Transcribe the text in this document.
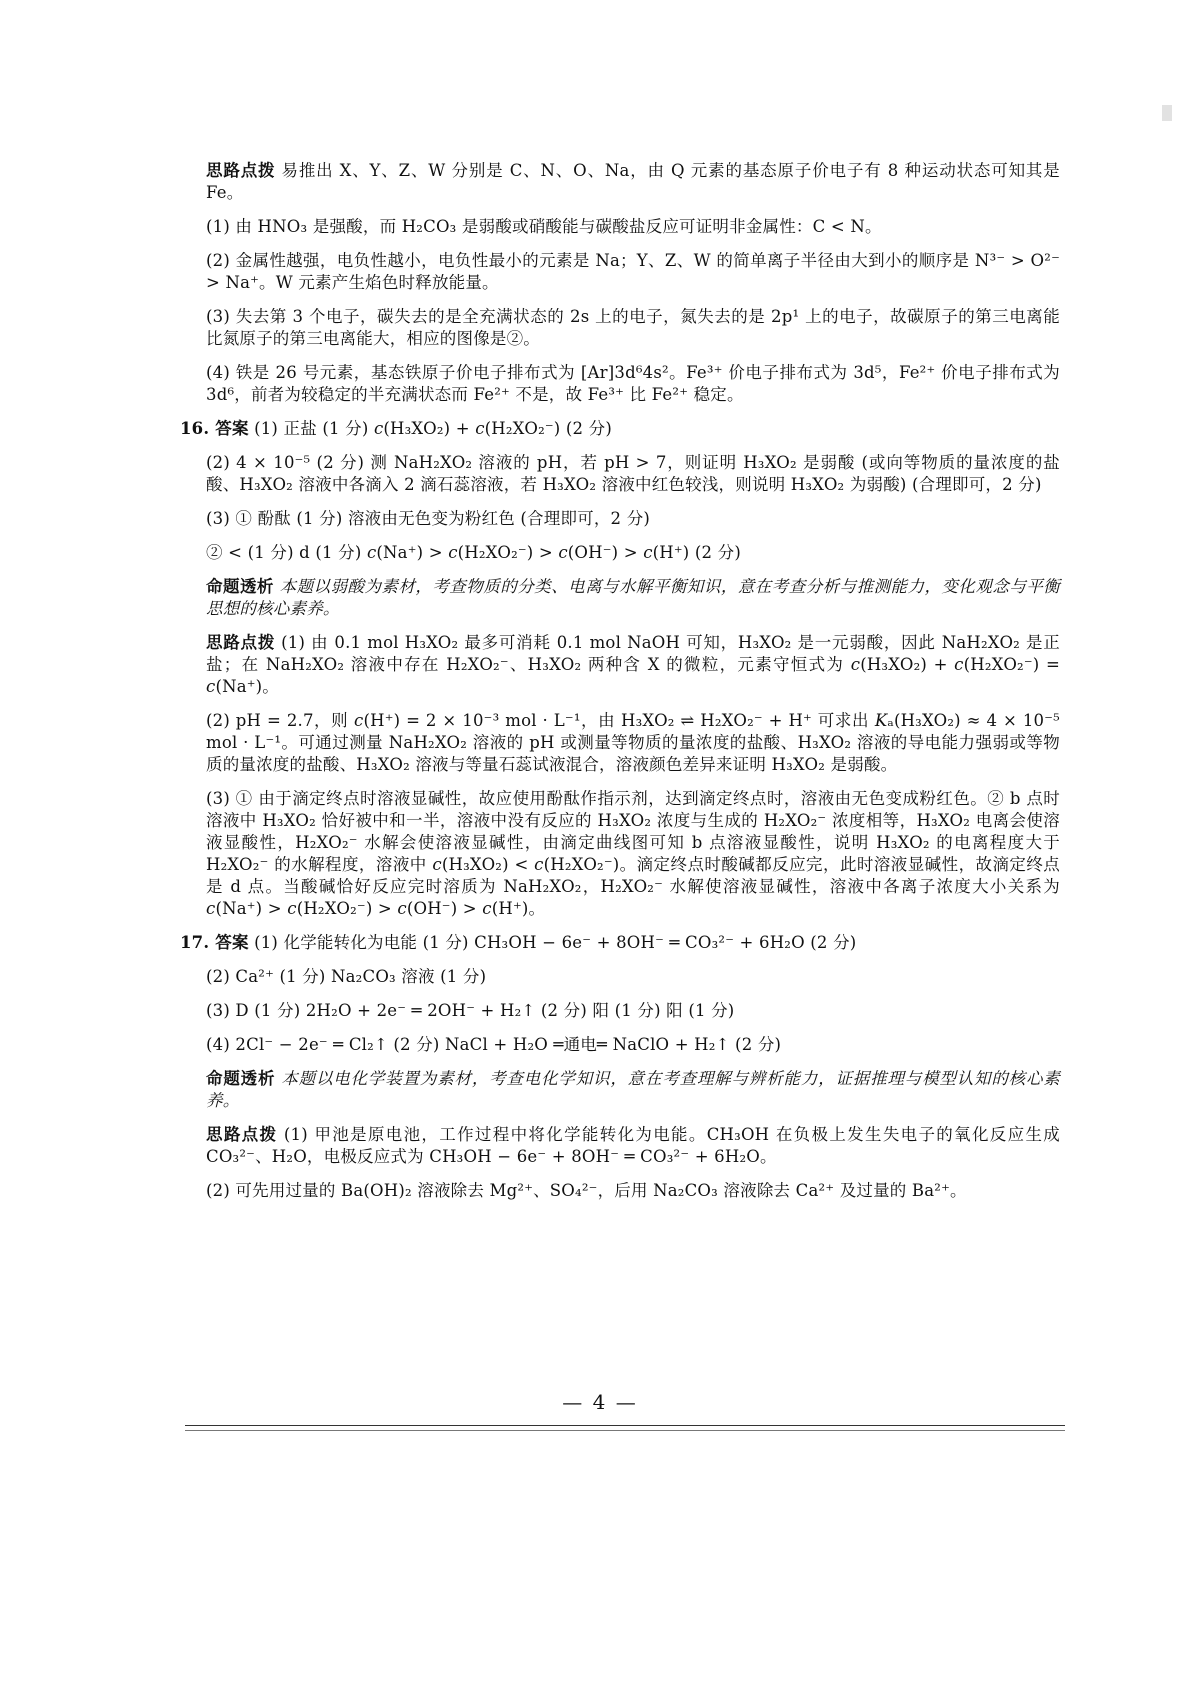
思路点拨 易推出 X、Y、Z、W 分别是 C、N、O、Na，由 Q 元素的基态原子价电子有 8 种运动状态可知其是 Fe。

(1) 由 HNO₃ 是强酸，而 H₂CO₃ 是弱酸或硝酸能与碳酸盐反应可证明非金属性：C < N。

(2) 金属性越强，电负性越小，电负性最小的元素是 Na；Y、Z、W 的简单离子半径由大到小的顺序是 N³⁻ > O²⁻ > Na⁺。W 元素产生焰色时释放能量。

(3) 失去第 3 个电子，碳失去的是全充满状态的 2s 上的电子，氮失去的是 2p¹ 上的电子，故碳原子的第三电离能比氮原子的第三电离能大，相应的图像是②。

(4) 铁是 26 号元素，基态铁原子价电子排布式为 [Ar]3d⁶4s²。Fe³⁺ 价电子排布式为 3d⁵，Fe²⁺ 价电子排布式为 3d⁶，前者为较稳定的半充满状态而 Fe²⁺ 不是，故 Fe³⁺ 比 Fe²⁺ 稳定。

16. 答案 (1) 正盐 (1 分) c(H₃XO₂) + c(H₂XO₂⁻) (2 分)

(2) 4 × 10⁻⁵ (2 分) 测 NaH₂XO₂ 溶液的 pH，若 pH > 7，则证明 H₃XO₂ 是弱酸 (或向等物质的量浓度的盐酸、H₃XO₂ 溶液中各滴入 2 滴石蕊溶液，若 H₃XO₂ 溶液中红色较浅，则说明 H₃XO₂ 为弱酸) (合理即可，2 分)

(3) ① 酚酞 (1 分) 溶液由无色变为粉红色 (合理即可，2 分)

② < (1 分) d (1 分) c(Na⁺) > c(H₂XO₂⁻) > c(OH⁻) > c(H⁺) (2 分)

命题透析 本题以弱酸为素材，考查物质的分类、电离与水解平衡知识，意在考查分析与推测能力，变化观念与平衡思想的核心素养。

思路点拨 (1) 由 0.1 mol H₃XO₂ 最多可消耗 0.1 mol NaOH 可知，H₃XO₂ 是一元弱酸，因此 NaH₂XO₂ 是正盐；在 NaH₂XO₂ 溶液中存在 H₂XO₂⁻、H₃XO₂ 两种含 X 的微粒，元素守恒式为 c(H₃XO₂) + c(H₂XO₂⁻) = c(Na⁺)。

(2) pH = 2.7，则 c(H⁺) = 2 × 10⁻³ mol · L⁻¹，由 H₃XO₂ ⇌ H₂XO₂⁻ + H⁺ 可求出 Kₐ(H₃XO₂) ≈ 4 × 10⁻⁵ mol · L⁻¹。可通过测量 NaH₂XO₂ 溶液的 pH 或测量等物质的量浓度的盐酸、H₃XO₂ 溶液的导电能力强弱或等物质的量浓度的盐酸、H₃XO₂ 溶液与等量石蕊试液混合，溶液颜色差异来证明 H₃XO₂ 是弱酸。

(3) ① 由于滴定终点时溶液显碱性，故应使用酚酞作指示剂，达到滴定终点时，溶液由无色变成粉红色。② b 点时溶液中 H₃XO₂ 恰好被中和一半，溶液中没有反应的 H₃XO₂ 浓度与生成的 H₂XO₂⁻ 浓度相等，H₃XO₂ 电离会使溶液显酸性，H₂XO₂⁻ 水解会使溶液显碱性，由滴定曲线图可知 b 点溶液显酸性，说明 H₃XO₂ 的电离程度大于 H₂XO₂⁻ 的水解程度，溶液中 c(H₃XO₂) < c(H₂XO₂⁻)。滴定终点时酸碱都反应完，此时溶液显碱性，故滴定终点是 d 点。当酸碱恰好反应完时溶质为 NaH₂XO₂，H₂XO₂⁻ 水解使溶液显碱性，溶液中各离子浓度大小关系为 c(Na⁺) > c(H₂XO₂⁻) > c(OH⁻) > c(H⁺)。

17. 答案 (1) 化学能转化为电能 (1 分) CH₃OH − 6e⁻ + 8OH⁻ ═ CO₃²⁻ + 6H₂O (2 分)

(2) Ca²⁺ (1 分) Na₂CO₃ 溶液 (1 分)

(3) D (1 分) 2H₂O + 2e⁻ ═ 2OH⁻ + H₂↑ (2 分) 阳 (1 分) 阳 (1 分)

(4) 2Cl⁻ − 2e⁻ ═ Cl₂↑ (2 分) NaCl + H₂O ═通电═ NaClO + H₂↑ (2 分)

命题透析 本题以电化学装置为素材，考查电化学知识，意在考查理解与辨析能力，证据推理与模型认知的核心素养。

思路点拨 (1) 甲池是原电池，工作过程中将化学能转化为电能。CH₃OH 在负极上发生失电子的氧化反应生成 CO₃²⁻、H₂O，电极反应式为 CH₃OH − 6e⁻ + 8OH⁻ ═ CO₃²⁻ + 6H₂O。

(2) 可先用过量的 Ba(OH)₂ 溶液除去 Mg²⁺、SO₄²⁻，后用 Na₂CO₃ 溶液除去 Ca²⁺ 及过量的 Ba²⁺。

— 4 —
